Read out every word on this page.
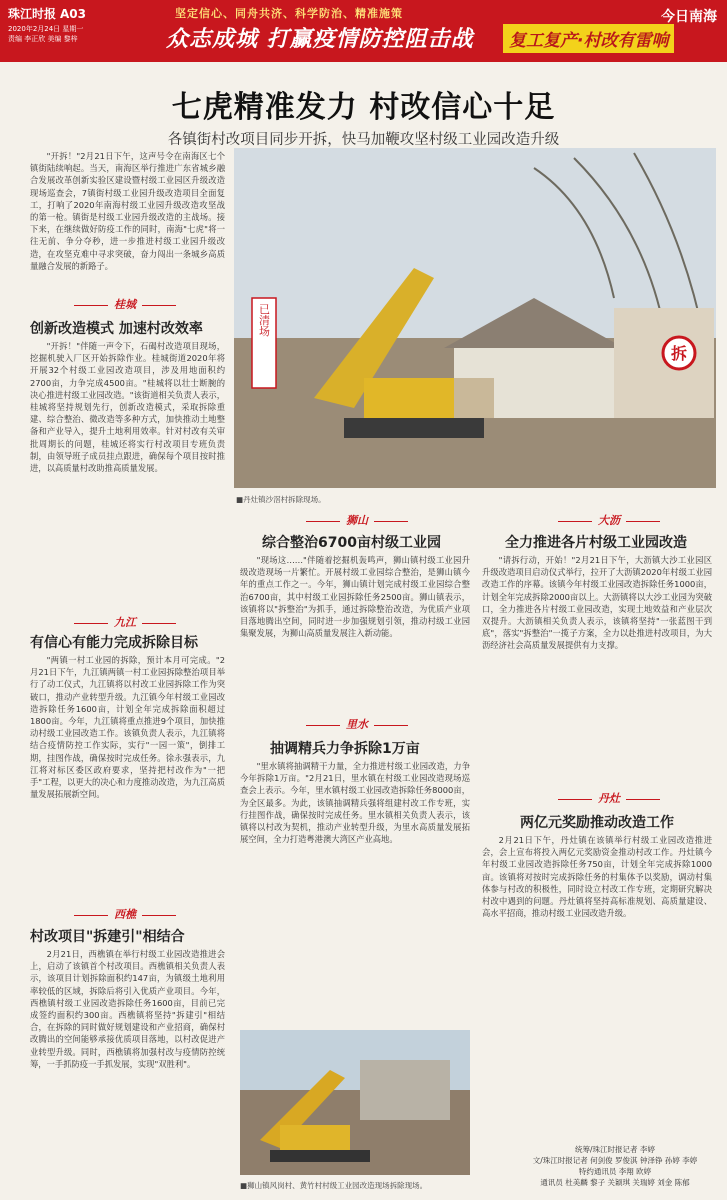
珠江时报 A03
2020年2月24日 星期一
责编 李正欣 美编 黎梓
坚定信心、同舟共济、科学防治、精准施策
众志成城 打赢疫情防控阻击战	复工复产·村改有雷响
今日南海
七虎精准发力 村改信心十足
各镇街村改项目同步开拆，快马加鞭攻坚村级工业园改造升级

"开拆！"2月21日下午，这声号令在南海区七个镇街陆续响起。当天，南海区举行推进广东省城乡融合发展改革创新实验区建设暨村级工业园区升级改造现场巡查会，7镇街村级工业园升级改造项目全面复工，打响了2020年南海村级工业园升级改造攻坚战的第一枪。镇街是村级工业园升级改造的主战场。接下来，在继续做好防疫工作的同时，南海"七虎"将一往无前、争分夺秒，进一步推进村级工业园升级改造，在攻坚克难中寻求突破，奋力闯出一条城乡高质量融合发展的新路子。

拆
已清场
■丹灶镇沙滘村拆除现场。
桂城
创新改造模式 加速村改效率

"开拆！"伴随一声令下，石碣村改造项目现场，挖掘机驶入厂区开始拆除作业。桂城街道2020年将开展32个村级工业园改造项目，涉及用地面积约2700亩，力争完成4500亩。"桂城将以壮士断腕的决心推进村级工业园改造。"该街道相关负责人表示，桂城将坚持规划先行，创新改造模式，采取拆除重建、综合整治、微改造等多种方式，加快推动土地整备和产业导入，提升土地利用效率。针对村改有关审批周期长的问题，桂城还将实行村改项目专班负责制，由领导班子成员挂点跟进，确保每个项目按时推进，以高质量村改助推高质量发展。

九江
有信心有能力完成拆除目标

"两镇一村工业园的拆除，预计本月可完成。"2月21日下午，九江镇两镇一村工业园拆除整治项目举行了动工仪式，九江镇将以村改工业园拆除工作为突破口，推动产业转型升级。九江镇今年村级工业园改造拆除任务1600亩，计划全年完成拆除面积超过1800亩。今年，九江镇将重点推进9个项目，加快推动村级工业园改造工作。该镇负责人表示，九江镇将结合疫情防控工作实际，实行"一园一策"，倒排工期，挂图作战，确保按时完成任务。徐永强表示，九江将对标区委区政府要求，坚持把村改作为"一把手"工程，以更大的决心和力度推动改造，为九江高质量发展拓展新空间。

西樵
村改项目"拆建引"相结合

2月21日，西樵镇在举行村级工业园改造推进会上，启动了该镇首个村改项目。西樵镇相关负责人表示，该项目计划拆除面积约147亩，为镇级土地利用率较低的区域，拆除后将引入优质产业项目。今年，西樵镇村级工业园改造拆除任务1600亩，目前已完成签约面积约300亩。西樵镇将坚持"拆建引"相结合，在拆除的同时做好规划建设和产业招商，确保村改腾出的空间能够承接优质项目落地，以村改促进产业转型升级。同时，西樵镇将加强村改与疫情防控统筹，一手抓防疫一手抓发展，实现"双胜利"。

狮山
综合整治6700亩村级工业园

"现场这……"伴随着挖掘机轰鸣声，狮山镇村级工业园升级改造现场一片繁忙。开展村级工业园综合整治，是狮山镇今年的重点工作之一。今年，狮山镇计划完成村级工业园综合整治6700亩，其中村级工业园拆除任务2500亩。狮山镇表示，该镇将以"拆整治"为抓手，通过拆除整治改造，为优质产业项目落地腾出空间，同时进一步加强规划引领，推动村级工业园集聚发展，为狮山高质量发展注入新动能。

大沥
全力推进各片村级工业园改造

"请拆行动，开始！"2月21日下午，大沥镇大沙工业园区升级改造项目启动仪式举行，拉开了大沥镇2020年村级工业园改造工作的序幕。该镇今年村级工业园改造拆除任务1000亩，计划全年完成拆除2000亩以上。大沥镇将以大沙工业园为突破口，全力推进各片村级工业园改造，实现土地效益和产业层次双提升。大沥镇相关负责人表示，该镇将坚持"一张蓝图干到底"，落实"拆整治"一揽子方案，全力以赴推进村改项目，为大沥经济社会高质量发展提供有力支撑。

里水
抽调精兵力争拆除1万亩

"里水镇将抽调精干力量，全力推进村级工业园改造，力争今年拆除1万亩。"2月21日，里水镇在村级工业园改造现场巡查会上表示。今年，里水镇村级工业园改造拆除任务8000亩，为全区最多。为此，该镇抽调精兵强将组建村改工作专班，实行挂图作战，确保按时完成任务。里水镇相关负责人表示，该镇将以村改为契机，推动产业转型升级，为里水高质量发展拓展空间，全力打造粤港澳大湾区产业高地。

丹灶
两亿元奖励推动改造工作

2月21日下午，丹灶镇在该镇举行村级工业园改造推进会，会上宣布将投入两亿元奖励资金推动村改工作。丹灶镇今年村级工业园改造拆除任务750亩，计划全年完成拆除1000亩。该镇将对按时完成拆除任务的村集体予以奖励，调动村集体参与村改的积极性，同时设立村改工作专班，定期研究解决村改中遇到的问题。丹灶镇将坚持高标准规划、高质量建设、高水平招商，推动村级工业园改造升级。

■狮山镇风岗村、黄竹村村级工业园改造现场拆除现场。
统筹/珠江时报记者 李婷
文/珠江时报记者 何剑俊 罗俊淇 钟泽铮 孙婷 李婷
特约通讯员 李翔 欧婷
通讯员 杜美麟 黎子 关颖琪 关瑞婷 刘金 陈郁
